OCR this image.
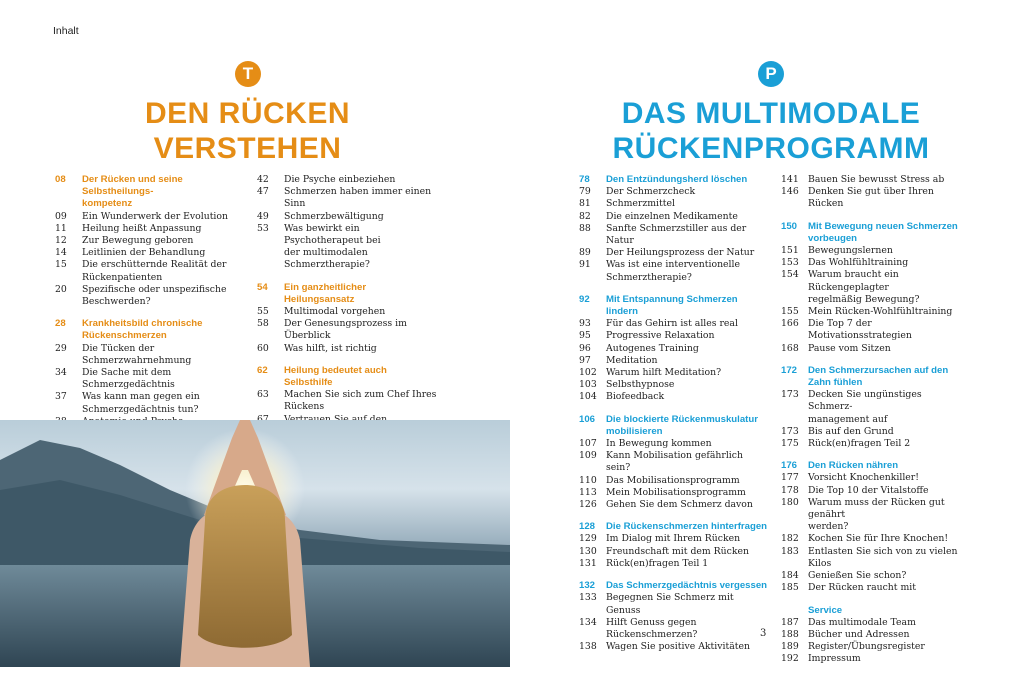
Inhalt
T
DEN RÜCKEN VERSTEHEN
P
DAS MULTIMODALE
RÜCKENPROGRAMM
08	Der Rücken und seine Selbstheilungs-
kompetenz
09	Ein Wunderwerk der Evolution
11	Heilung heißt Anpassung
12	Zur Bewegung geboren
14	Leitlinien der Behandlung
15	Die erschütternde Realität der
Rückenpatienten
20	Spezifische oder unspezifische
Beschwerden?
28	Krankheitsbild chronische
Rückenschmerzen
29	Die Tücken der Schmerzwahrnehmung
34	Die Sache mit dem Schmerzgedächtnis
37	Was kann man gegen ein
Schmerzgedächtnis tun?
42	Die Psyche einbeziehen
47	Schmerzen haben immer einen Sinn
49	Schmerzbewältigung
53	Was bewirkt ein Psychotherapeut bei
der multimodalen Schmerztherapie?
54	Ein ganzheitlicher Heilungsansatz
55	Multimodal vorgehen
58	Der Genesungsprozess im Überblick
60	Was hilft, ist richtig
62	Heilung bedeutet auch Selbsthilfe
63	Machen Sie sich zum Chef Ihres
Rückens
78	Den Entzündungsherd löschen
79	Der Schmerzcheck
81	Schmerzmittel
82	Die einzelnen Medikamente
88	Sanfte Schmerzstiller aus der Natur
89	Der Heilungsprozess der Natur
91	Was ist eine interventionelle
Schmerztherapie?
92	Mit Entspannung Schmerzen lindern
93	Für das Gehirn ist alles real
95	Progressive Relaxation
96	Autogenes Training
97	Meditation
102 Warum hilft Meditation?
103 Selbsthypnose
104 Biofeedback
106	Die blockierte Rückenmuskulatur
mobilisieren
107 In Bewegung kommen
109 Kann Mobilisation gefährlich sein?
110 Das Mobilisationsprogramm
113 Mein Mobilisationsprogramm
126 Gehen Sie dem Schmerz davon
128	Die Rückenschmerzen hinterfragen
129 Im Dialog mit Ihrem Rücken
130 Freundschaft mit dem Rücken
131 Rück(en)fragen Teil 1
132	Das Schmerzgedächtnis vergessen
133 Begegnen Sie Schmerz mit Genuss
134 Hilft Genuss gegen Rückenschmerzen?
138 Wagen Sie positive Aktivitäten
141 Bauen Sie bewusst Stress ab
146 Denken Sie gut über Ihren Rücken
150	Mit Bewegung neuen Schmerzen
vorbeugen
151 Bewegungslernen
153 Das Wohlfühltraining
154 Warum braucht ein Rückengeplagter
regelmäßig Bewegung?
155 Mein Rücken-Wohlfühltraining
166 Die Top 7 der Motivationsstrategien
168 Pause vom Sitzen
172	Den Schmerzursachen auf den
Zahn fühlen
173 Decken Sie ungünstiges Schmerz-
management auf
173 Bis auf den Grund
175 Rück(en)fragen Teil 2
176	Den Rücken nähren
177 Vorsicht Knochenkiller!
178 Die Top 10 der Vitalstoffe
180 Warum muss der Rücken gut genährt
werden?
182 Kochen Sie für Ihre Knochen!
183 Entlasten Sie sich von zu vielen Kilos
184 Genießen Sie schon?
185 Der Rücken raucht mit
Service
187 Das multimodale Team
188 Bücher und Adressen
189 Register/Übungsregister
192 Impressum
3
